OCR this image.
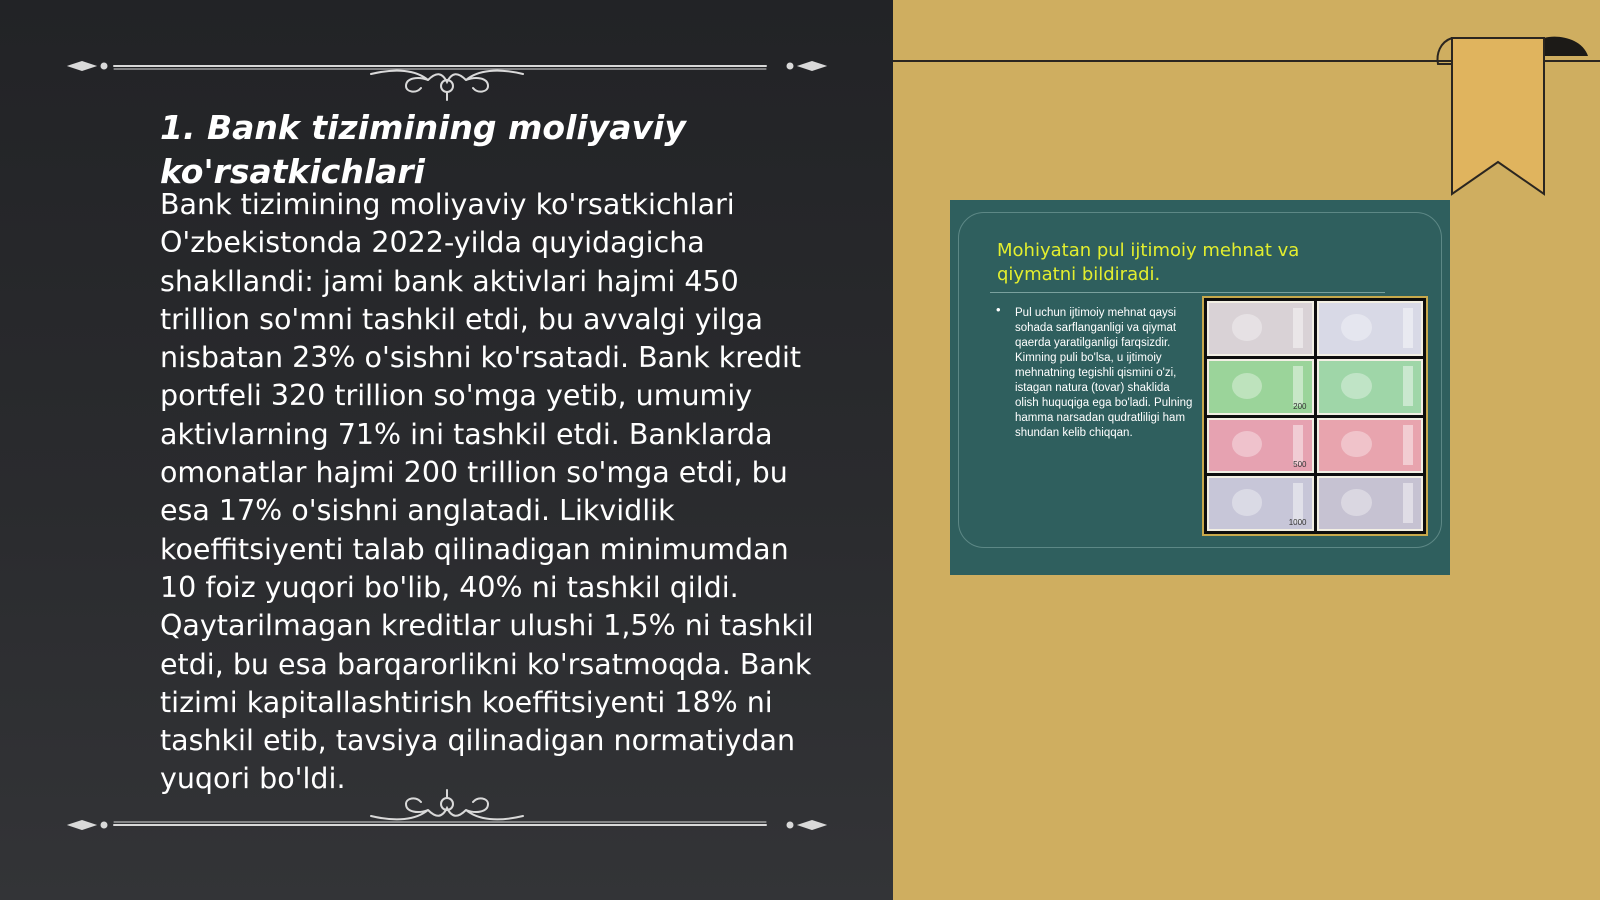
1. Bank tizimining moliyaviy ko'rsatkichlari

Bank tizimining moliyaviy ko'rsatkichlari O'zbekistonda 2022-yilda quyidagicha shakllandi: jami bank aktivlari hajmi 450 trillion so'mni tashkil etdi, bu avvalgi yilga nisbatan 23% o'sishni ko'rsatadi. Bank kredit portfeli 320 trillion so'mga yetib, umumiy aktivlarning 71% ini tashkil etdi. Banklarda omonatlar hajmi 200 trillion so'mga etdi, bu esa 17% o'sishni anglatadi. Likvidlik koeffitsiyenti talab qilinadigan minimumdan 10 foiz yuqori bo'lib, 40% ni tashkil qildi. Qaytarilmagan kreditlar ulushi 1,5% ni tashkil etdi, bu esa barqarorlikni ko'rsatmoqda. Bank tizimi kapitallashtirish koeffitsiyenti 18% ni tashkil etib, tavsiya qilinadigan normatiydan yuqori bo'ldi.

Mohiyatan pul ijtimoiy mehnat va qiymatni bildiradi.
• Pul uchun ijtimoiy mehnat qaysi sohada sarflanganligi va qiymat qaerda yaratilganligi farqsizdir. Kimning puli bo'lsa, u ijtimoiy mehnatning tegishli qismini o'zi, istagan natura (tovar) shaklida olish huquqiga ega bo'ladi. Pulning hamma narsadan qudratliligi ham shundan kelib chiqqan.

200
500
1000
